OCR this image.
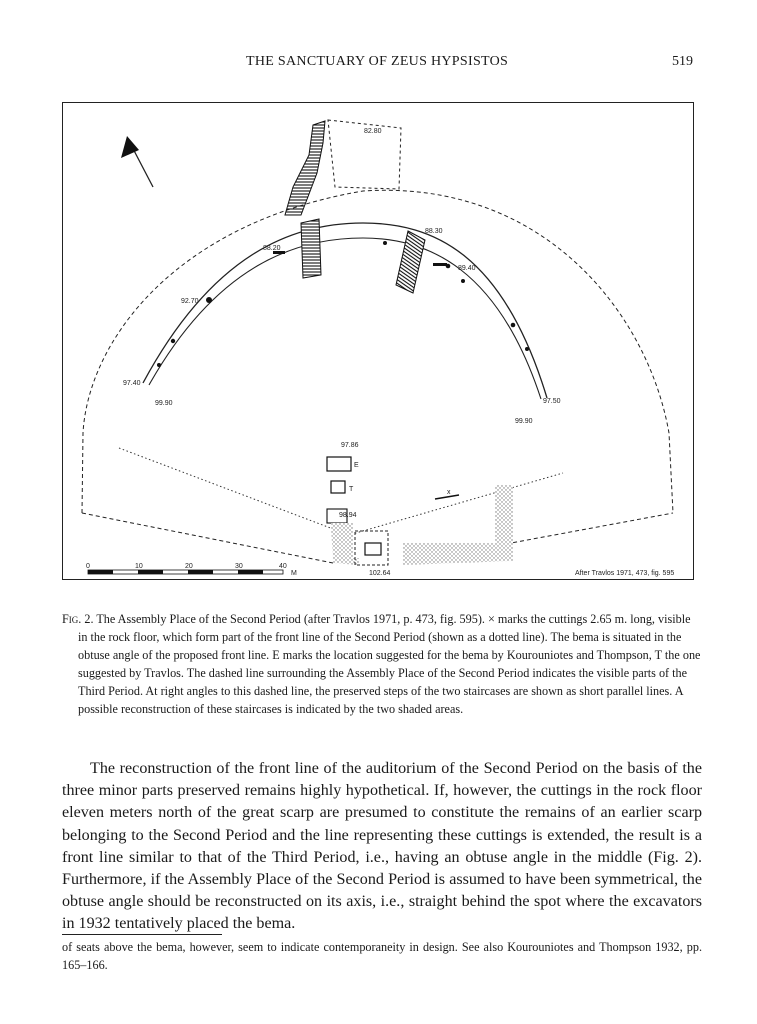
THE SANCTUARY OF ZEUS HYPSISTOS	519
82.80
88.20
88.30
89.40
92.70
97.40
99.90	97.50
99.90
97.86
E
T
98.94
102.64
x
0	10	20	30	40
M	After Travlos 1971, 473, fig. 595

Fig. 2. The Assembly Place of the Second Period (after Travlos 1971, p. 473, fig. 595). × marks the cuttings 2.65 m. long, visible in the rock floor, which form part of the front line of the Second Period (shown as a dotted line). The bema is situated in the obtuse angle of the proposed front line. E marks the location suggested for the bema by Kourouniotes and Thompson, T the one suggested by Travlos. The dashed line surrounding the Assembly Place of the Second Period indicates the visible parts of the Third Period. At right angles to this dashed line, the preserved steps of the two staircases are shown as short parallel lines. A possible reconstruction of these staircases is indicated by the two shaded areas.

The reconstruction of the front line of the auditorium of the Second Period on the basis of the three minor parts preserved remains highly hypothetical. If, however, the cuttings in the rock floor eleven meters north of the great scarp are presumed to constitute the remains of an earlier scarp belonging to the Second Period and the line representing these cuttings is extended, the result is a front line similar to that of the Third Period, i.e., having an obtuse angle in the middle (Fig. 2). Furthermore, if the Assembly Place of the Second Period is assumed to have been symmetrical, the obtuse angle should be reconstructed on its axis, i.e., straight behind the spot where the excavators in 1932 tentatively placed the bema.

of seats above the bema, however, seem to indicate contemporaneity in design. See also Kourouniotes and Thompson 1932, pp. 165–166.
